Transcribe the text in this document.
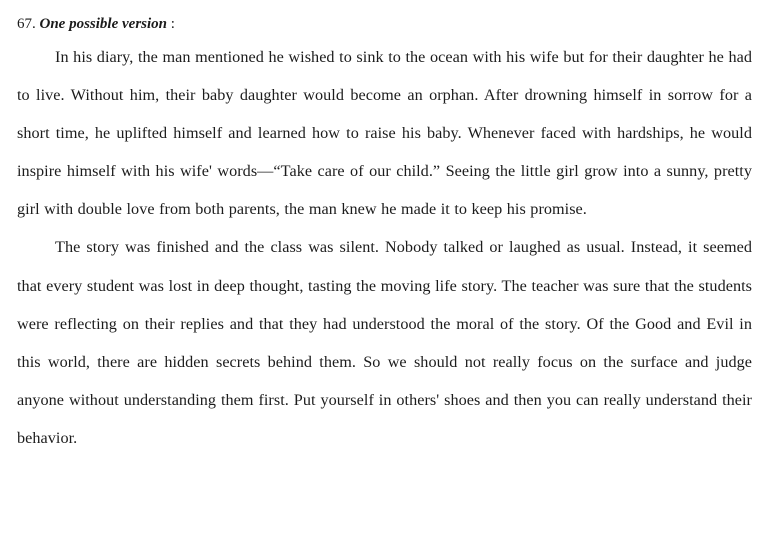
67. One possible version :

In his diary, the man mentioned he wished to sink to the ocean with his wife but for their daughter he had to live. Without him, their baby daughter would become an orphan. After drowning himself in sorrow for a short time, he uplifted himself and learned how to raise his baby. Whenever faced with hardships, he would inspire himself with his wife' words—“Take care of our child.” Seeing the little girl grow into a sunny, pretty girl with double love from both parents, the man knew he made it to keep his promise.

The story was finished and the class was silent. Nobody talked or laughed as usual. Instead, it seemed that every student was lost in deep thought, tasting the moving life story. The teacher was sure that the students were reflecting on their replies and that they had understood the moral of the story. Of the Good and Evil in this world, there are hidden secrets behind them. So we should not really focus on the surface and judge anyone without understanding them first. Put yourself in others' shoes and then you can really understand their behavior.
